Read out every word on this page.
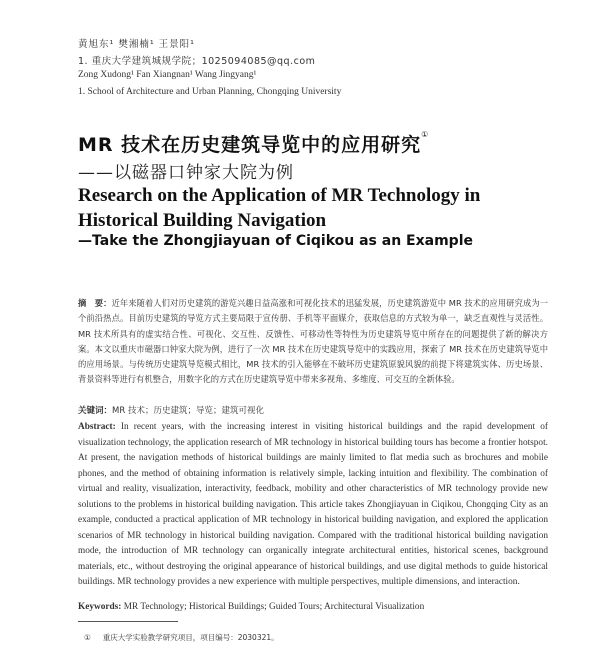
黄旭东¹ 樊湘楠¹ 王景阳¹
1. 重庆大学建筑城规学院；1025094085@qq.com
Zong Xudong¹ Fan Xiangnan¹ Wang Jingyang¹
1. School of Architecture and Urban Planning, Chongqing University
MR 技术在历史建筑导览中的应用研究①
——以磁器口钟家大院为例
Research on the Application of MR Technology in Historical Building Navigation
—Take the Zhongjiayuan of Ciqikou as an Example
摘　要：近年来随着人们对历史建筑的游览兴趣日益高涨和可视化技术的迅猛发展，历史建筑游览中 MR 技术的应用研究成为一个前沿热点。目前历史建筑的导览方式主要局限于宣传册、手机等平面媒介，获取信息的方式较为单一，缺乏直观性与灵活性。MR 技术所具有的虚实结合性、可视化、交互性、反馈性、可移动性等特性为历史建筑导览中所存在的问题提供了新的解决方案。本文以重庆市磁器口钟家大院为例，进行了一次 MR 技术在历史建筑导览中的实践应用，探索了 MR 技术在历史建筑导览中的应用场景。与传统历史建筑导览模式相比，MR 技术的引入能够在不破坏历史建筑原貌风貌的前提下将建筑实体、历史场景、背景资料等进行有机整合，用数字化的方式在历史建筑导览中带来多视角、多维度、可交互的全新体验。
关键词：MR 技术；历史建筑；导览；建筑可视化
Abstract: In recent years, with the increasing interest in visiting historical buildings and the rapid development of visualization technology, the application research of MR technology in historical building tours has become a frontier hotspot. At present, the navigation methods of historical buildings are mainly limited to flat media such as brochures and mobile phones, and the method of obtaining information is relatively simple, lacking intuition and flexibility. The combination of virtual and reality, visualization, interactivity, feedback, mobility and other characteristics of MR technology provide new solutions to the problems in historical building navigation. This article takes Zhongjiayuan in Ciqikou, Chongqing City as an example, conducted a practical application of MR technology in historical building navigation, and explored the application scenarios of MR technology in historical building navigation. Compared with the traditional historical building navigation mode, the introduction of MR technology can organically integrate architectural entities, historical scenes, background materials, etc., without destroying the original appearance of historical buildings, and use digital methods to guide historical buildings. MR technology provides a new experience with multiple perspectives, multiple dimensions, and interaction.
Keywords: MR Technology; Historical Buildings; Guided Tours; Architectural Visualization
① 重庆大学实验教学研究项目，项目编号：2030321。
